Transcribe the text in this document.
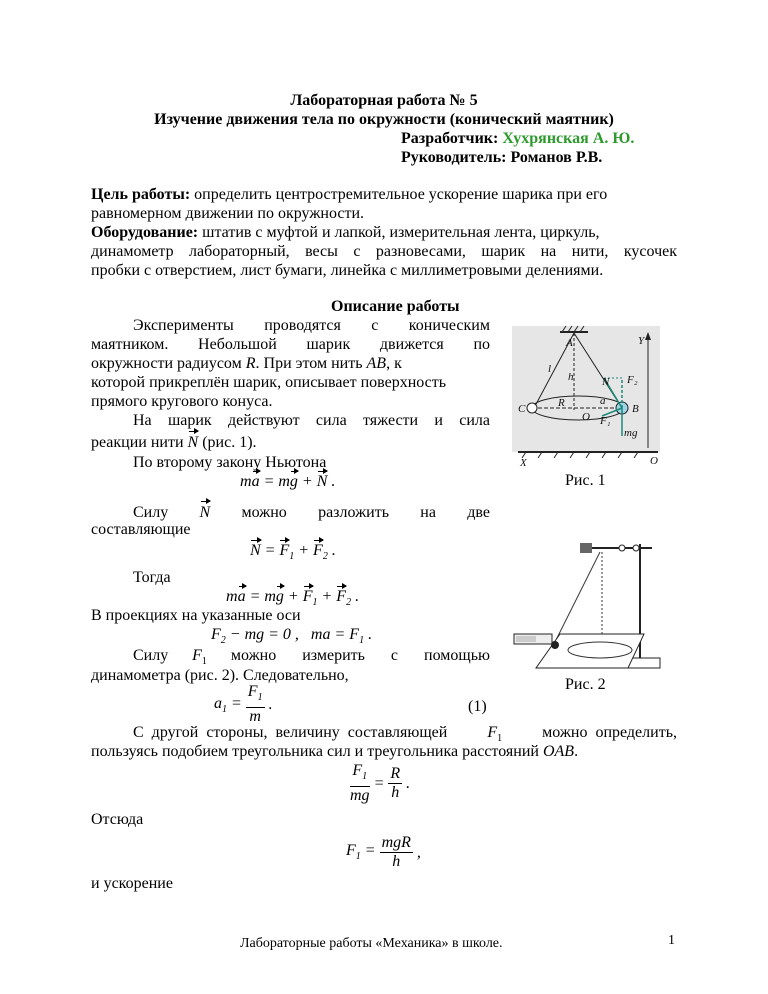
Лабораторная работа № 5

Изучение движения тела по окружности (конический маятник)

Разработчик: Хухрянская А. Ю.

Руководитель: Романов Р.В.

Цель работы: определить центростремительное ускорение шарика при его

равномерном движении по окружности.

Оборудование: штатив с муфтой и лапкой, измерительная лента, циркуль,

динамометр лабораторный, весы с разновесами, шарик на нити, кусочек

пробки с отверстием, лист бумаги, линейка с миллиметровыми делениями.

Описание работы

Эксперименты проводятся с коническим

маятником. Небольшой шарик движется по

окружности радиусом R. При этом нить AB, к

которой прикреплён шарик, описывает поверхность

прямого кругового конуса.

На шарик действуют сила тяжести и сила

реакции нити N (рис. 1).

По второму закону Ньютона

ma = mg + N .

Силу N можно разложить на две

составляющие

$N = F_1 + F_2$ .

Тогда

ma = mg + $F_1 + F_2$ .

В проекциях на указанные оси

$F_2$ − mg = 0 ,   ma = $F_1$ .

Силу $F_1$ можно измерить с помощью

динамометра (рис. 2). Следовательно,

$a_1 = \frac{F_1}{m}$ .	(1)

С другой стороны, величину составляющей	$F_1$	можно определить,

пользуясь подобием треугольника сил и треугольника расстояний OAB.

$\frac{F_1}{mg} = \frac{R}{h}$ .

Отсюда

$F_1 = \frac{\text{mgR}}{h}$ ,

и ускорение

A	Y
l
h	N F₂
C	R	a
O
B
F₁
mg
X	O

Рис. 1

Рис. 2

Лабораторные работы «Механика» в школе.	1
